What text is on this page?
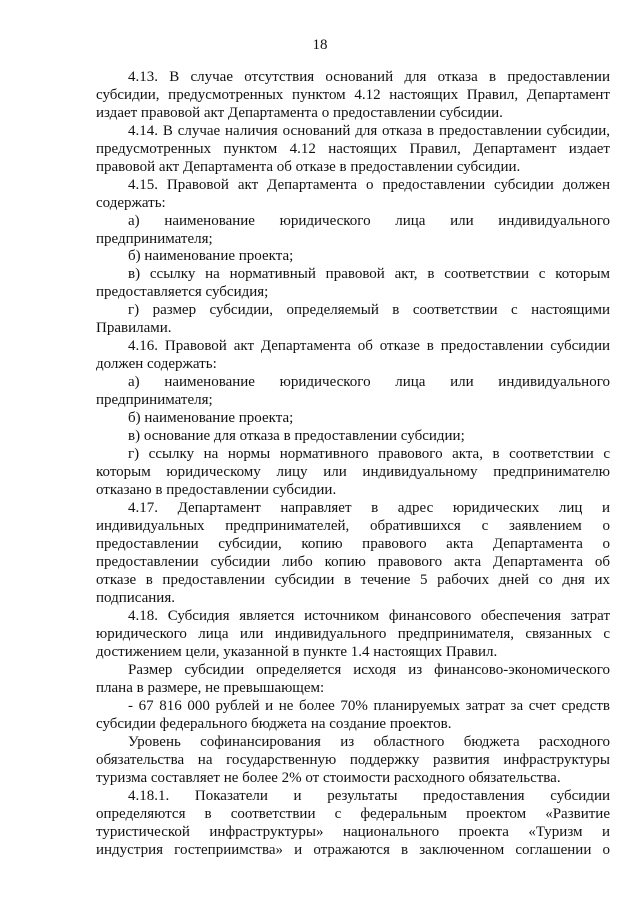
18
4.13. В случае отсутствия оснований для отказа в предоставлении
субсидии, предусмотренных пунктом 4.12 настоящих Правил, Департамент
издает правовой акт Департамента о предоставлении субсидии.
4.14. В случае наличия оснований для отказа в предоставлении субсидии,
предусмотренных пунктом 4.12 настоящих Правил, Департамент издает
правовой акт Департамента об отказе в предоставлении субсидии.
4.15. Правовой акт Департамента о предоставлении субсидии должен
содержать:
а) наименование юридического лица или индивидуального
предпринимателя;
б) наименование проекта;
в) ссылку на нормативный правовой акт, в соответствии с которым
предоставляется субсидия;
г) размер субсидии, определяемый в соответствии с настоящими
Правилами.
4.16. Правовой акт Департамента об отказе в предоставлении субсидии
должен содержать:
а) наименование юридического лица или индивидуального
предпринимателя;
б) наименование проекта;
в) основание для отказа в предоставлении субсидии;
г) ссылку на нормы нормативного правового акта, в соответствии с
которым юридическому лицу или индивидуальному предпринимателю
отказано в предоставлении субсидии.
4.17. Департамент направляет в адрес юридических лиц и
индивидуальных предпринимателей, обратившихся с заявлением о
предоставлении субсидии, копию правового акта Департамента о
предоставлении субсидии либо копию правового акта Департамента об
отказе в предоставлении субсидии в течение 5 рабочих дней со дня их
подписания.
4.18. Субсидия является источником финансового обеспечения затрат
юридического лица или индивидуального предпринимателя, связанных с
достижением цели, указанной в пункте 1.4 настоящих Правил.
Размер субсидии определяется исходя из финансово-экономического
плана в размере, не превышающем:
- 67 816 000 рублей и не более 70% планируемых затрат за счет средств
субсидии федерального бюджета на создание проектов.
Уровень софинансирования из областного бюджета расходного
обязательства на государственную поддержку развития инфраструктуры
туризма составляет не более 2% от стоимости расходного обязательства.
4.18.1. Показатели и результаты предоставления субсидии
определяются в соответствии с федеральным проектом «Развитие
туристической инфраструктуры» национального проекта «Туризм и
индустрия гостеприимства» и отражаются в заключенном соглашении о
